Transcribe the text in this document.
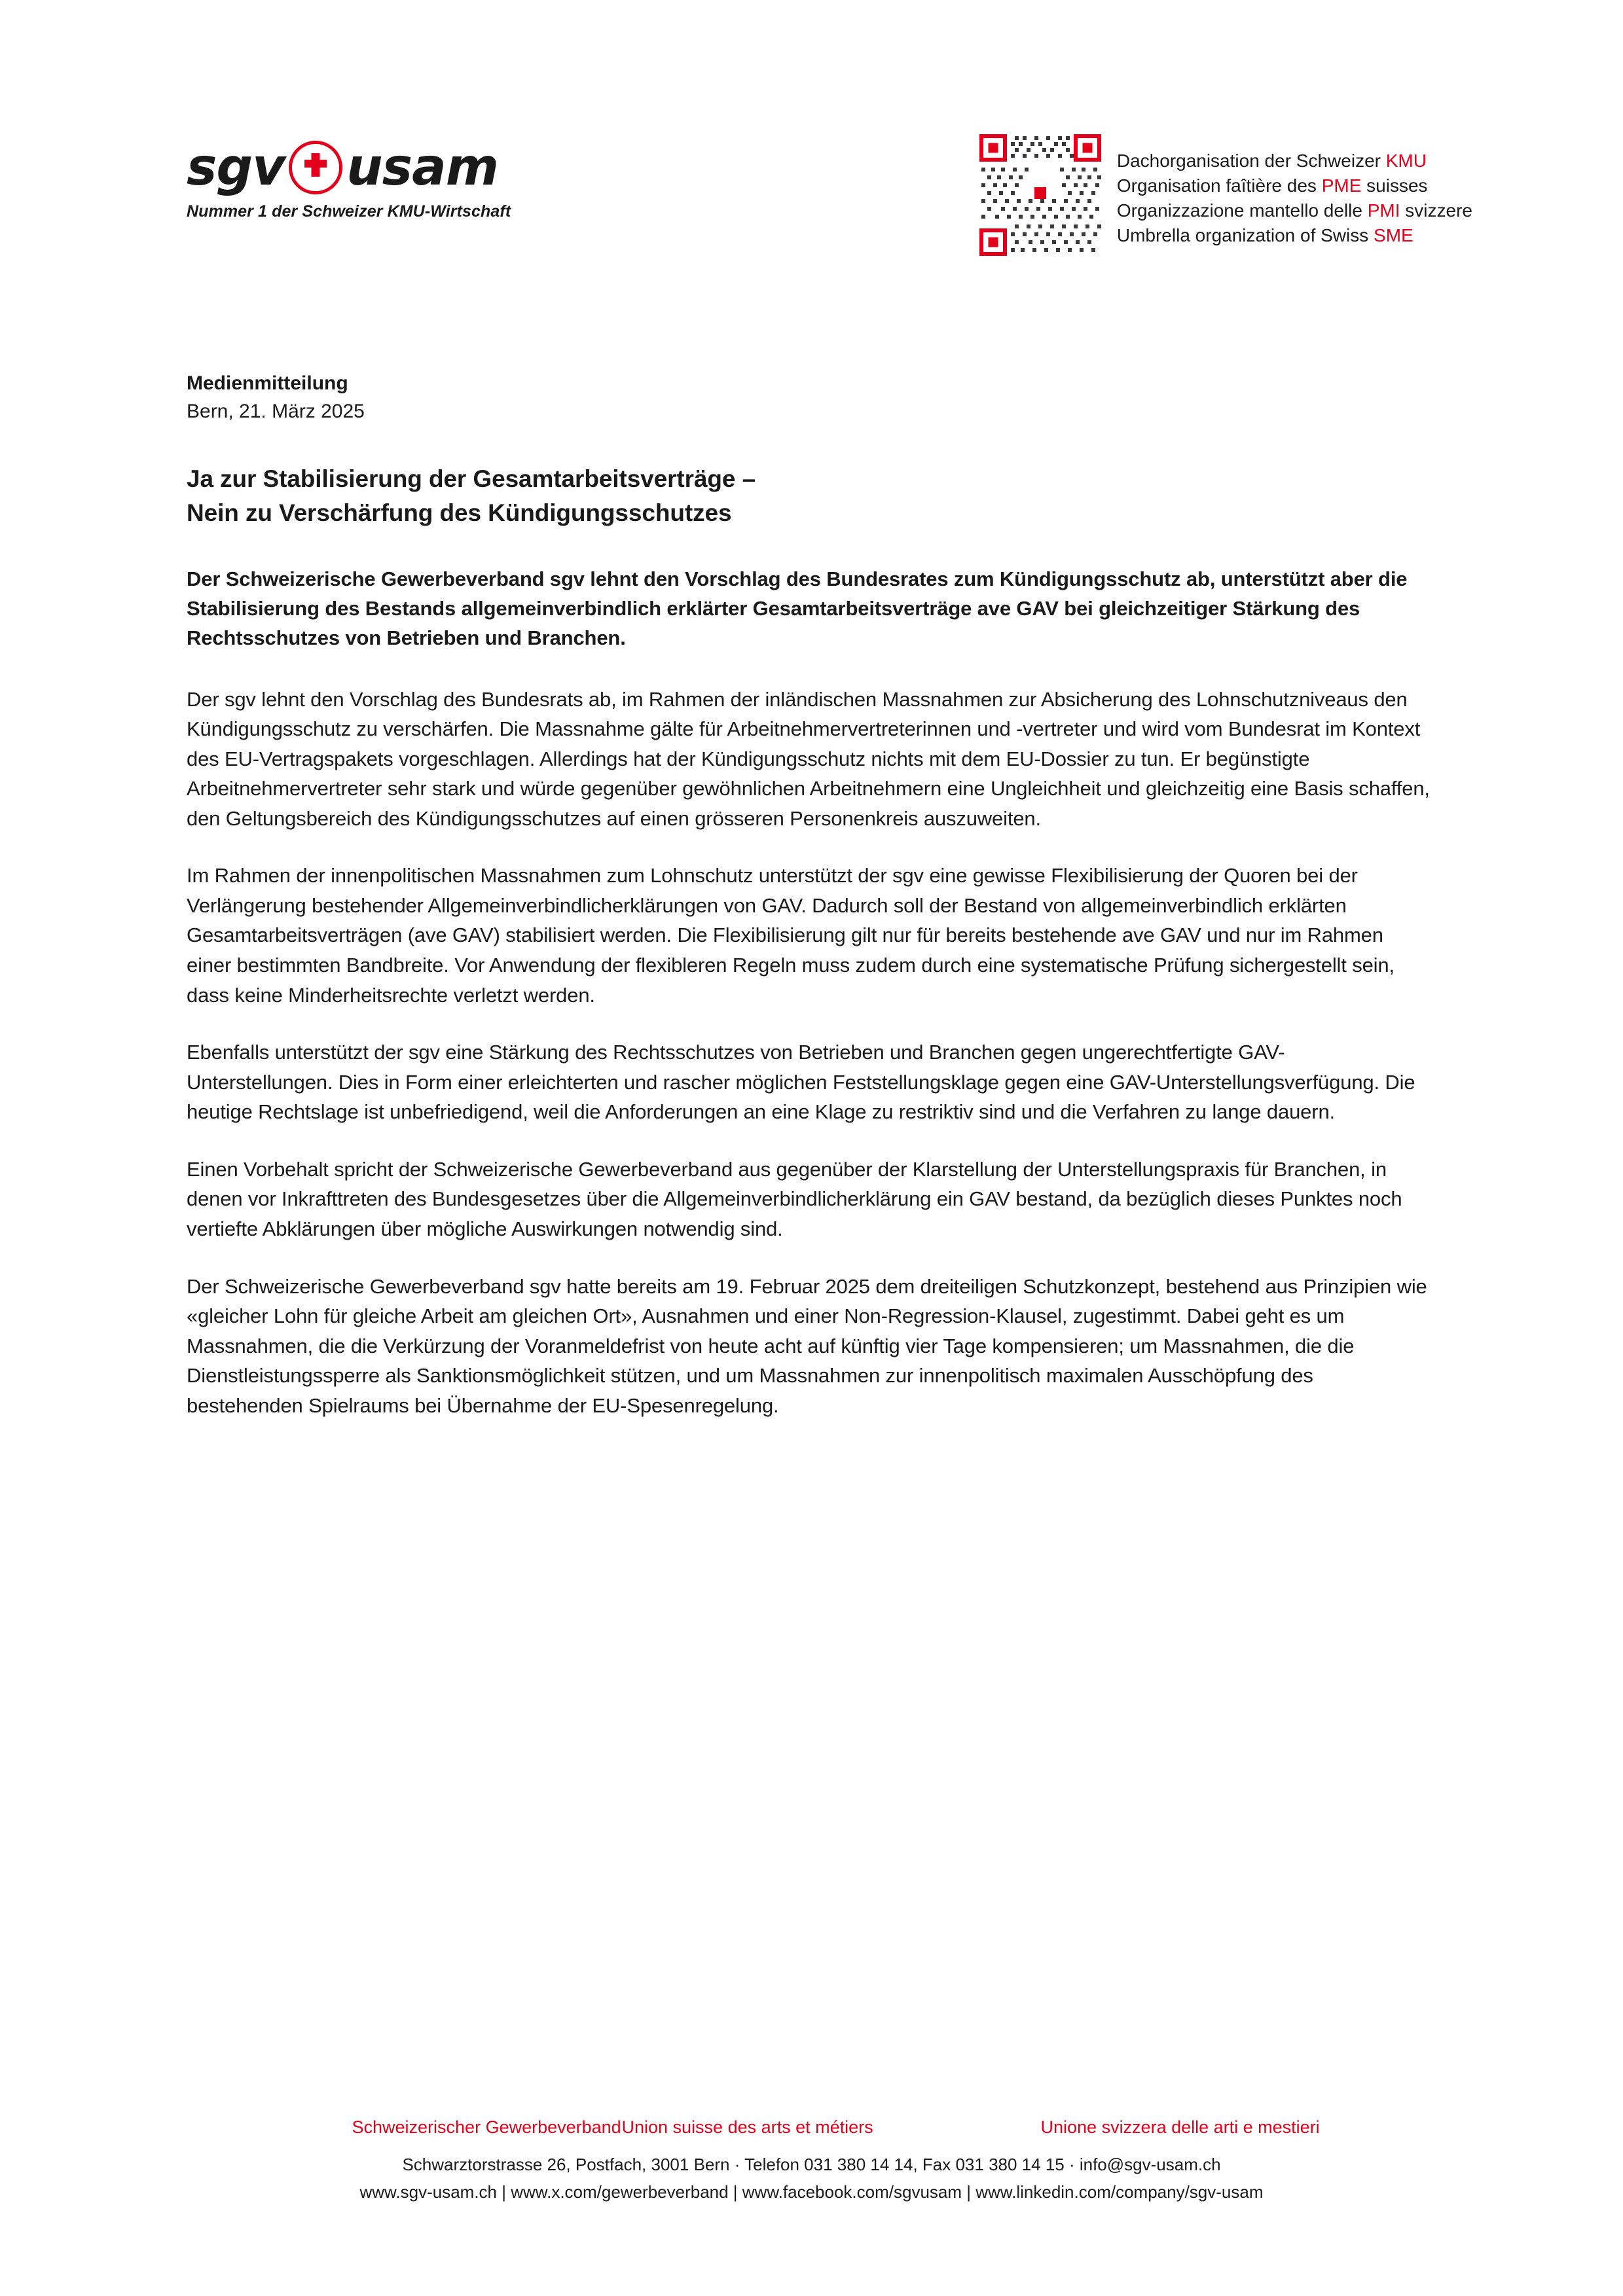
sgv usam
Nummer 1 der Schweizer KMU-Wirtschaft
Dachorganisation der Schweizer KMU
Organisation faîtière des PME suisses
Organizzazione mantello delle PMI svizzere
Umbrella organization of Swiss SME
Medienmitteilung
Bern, 21. März 2025
Ja zur Stabilisierung der Gesamtarbeitsverträge –
Nein zu Verschärfung des Kündigungsschutzes

Der Schweizerische Gewerbeverband sgv lehnt den Vorschlag des Bundesrates zum Kündigungsschutz ab, unterstützt aber die Stabilisierung des Bestands allgemeinverbindlich erklärter Gesamtarbeitsverträge ave GAV bei gleichzeitiger Stärkung des Rechtsschutzes von Betrieben und Branchen.

Der sgv lehnt den Vorschlag des Bundesrats ab, im Rahmen der inländischen Massnahmen zur Absicherung des Lohnschutzniveaus den Kündigungsschutz zu verschärfen. Die Massnahme gälte für Arbeitnehmervertreterinnen und -vertreter und wird vom Bundesrat im Kontext des EU-Vertragspakets vorgeschlagen. Allerdings hat der Kündigungsschutz nichts mit dem EU-Dossier zu tun. Er begünstigte Arbeitnehmervertreter sehr stark und würde gegenüber gewöhnlichen Arbeitnehmern eine Ungleichheit und gleichzeitig eine Basis schaffen, den Geltungsbereich des Kündigungsschutzes auf einen grösseren Personenkreis auszuweiten.

Im Rahmen der innenpolitischen Massnahmen zum Lohnschutz unterstützt der sgv eine gewisse Flexibilisierung der Quoren bei der Verlängerung bestehender Allgemeinverbindlicherklärungen von GAV. Dadurch soll der Bestand von allgemeinverbindlich erklärten Gesamtarbeitsverträgen (ave GAV) stabilisiert werden. Die Flexibilisierung gilt nur für bereits bestehende ave GAV und nur im Rahmen einer bestimmten Bandbreite. Vor Anwendung der flexibleren Regeln muss zudem durch eine systematische Prüfung sichergestellt sein, dass keine Minderheitsrechte verletzt werden.

Ebenfalls unterstützt der sgv eine Stärkung des Rechtsschutzes von Betrieben und Branchen gegen ungerechtfertigte GAV-Unterstellungen. Dies in Form einer erleichterten und rascher möglichen Feststellungsklage gegen eine GAV-Unterstellungsverfügung. Die heutige Rechtslage ist unbefriedigend, weil die Anforderungen an eine Klage zu restriktiv sind und die Verfahren zu lange dauern.

Einen Vorbehalt spricht der Schweizerische Gewerbeverband aus gegenüber der Klarstellung der Unterstellungspraxis für Branchen, in denen vor Inkrafttreten des Bundesgesetzes über die Allgemeinverbindlicherklärung ein GAV bestand, da bezüglich dieses Punktes noch vertiefte Abklärungen über mögliche Auswirkungen notwendig sind.

Der Schweizerische Gewerbeverband sgv hatte bereits am 19. Februar 2025 dem dreiteiligen Schutzkonzept, bestehend aus Prinzipien wie «gleicher Lohn für gleiche Arbeit am gleichen Ort», Ausnahmen und einer Non-Regression-Klausel, zugestimmt. Dabei geht es um Massnahmen, die die Verkürzung der Voranmeldefrist von heute acht auf künftig vier Tage kompensieren; um Massnahmen, die die Dienstleistungssperre als Sanktionsmöglichkeit stützen, und um Massnahmen zur innenpolitisch maximalen Ausschöpfung des bestehenden Spielraums bei Übernahme der EU-Spesenregelung.

Schweizerischer Gewerbeverband Union suisse des arts et métiers	Unione svizzera delle arti e mestieri
Schwarztorstrasse 26, Postfach, 3001 Bern · Telefon 031 380 14 14, Fax 031 380 14 15 · info@sgv-usam.ch
www.sgv-usam.ch | www.x.com/gewerbeverband | www.facebook.com/sgvusam | www.linkedin.com/company/sgv-usam
